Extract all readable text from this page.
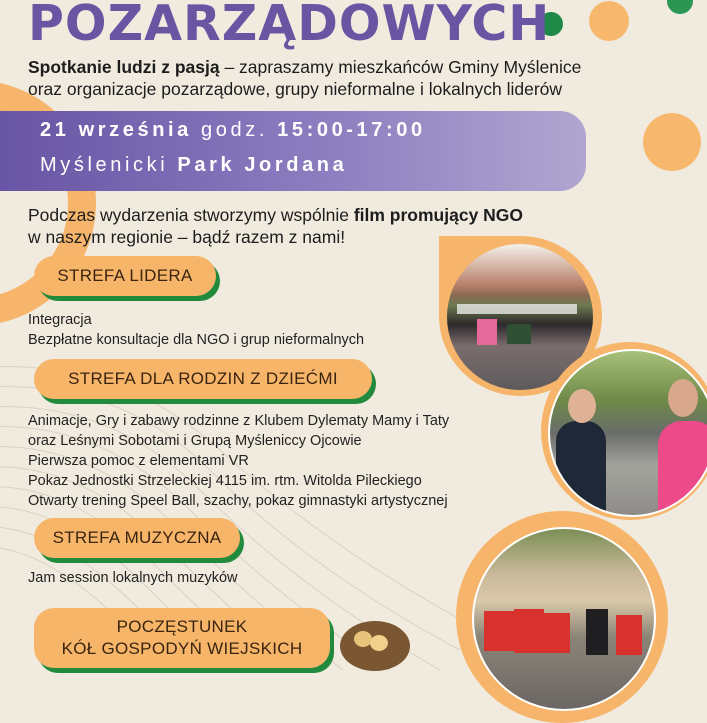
POZARZĄDOWYCH
Spotkanie ludzi z pasją – zapraszamy mieszkańców Gminy Myślenice
oraz organizacje pozarządowe, grupy nieformalne i lokalnych liderów
21 września godz. 15:00-17:00
Myślenicki Park Jordana
Podczas wydarzenia stworzymy wspólnie film promujący NGO
w naszym regionie – bądź razem z nami!
STREFA LIDERA
Integracja
Bezpłatne konsultacje dla NGO i grup nieformalnych
STREFA DLA RODZIN Z DZIEĆMI
Animacje, Gry i zabawy rodzinne z Klubem Dylematy Mamy i Taty
oraz Leśnymi Sobotami i Grupą Myśleniccy Ojcowie
Pierwsza pomoc z elementami VR
Pokaz Jednostki Strzeleckiej 4115 im. rtm. Witolda Pileckiego
Otwarty trening Speel Ball, szachy, pokaz gimnastyki artystycznej
STREFA MUZYCZNA
Jam session lokalnych muzyków
POCZĘSTUNEK
KÓŁ GOSPODYŃ WIEJSKICH
